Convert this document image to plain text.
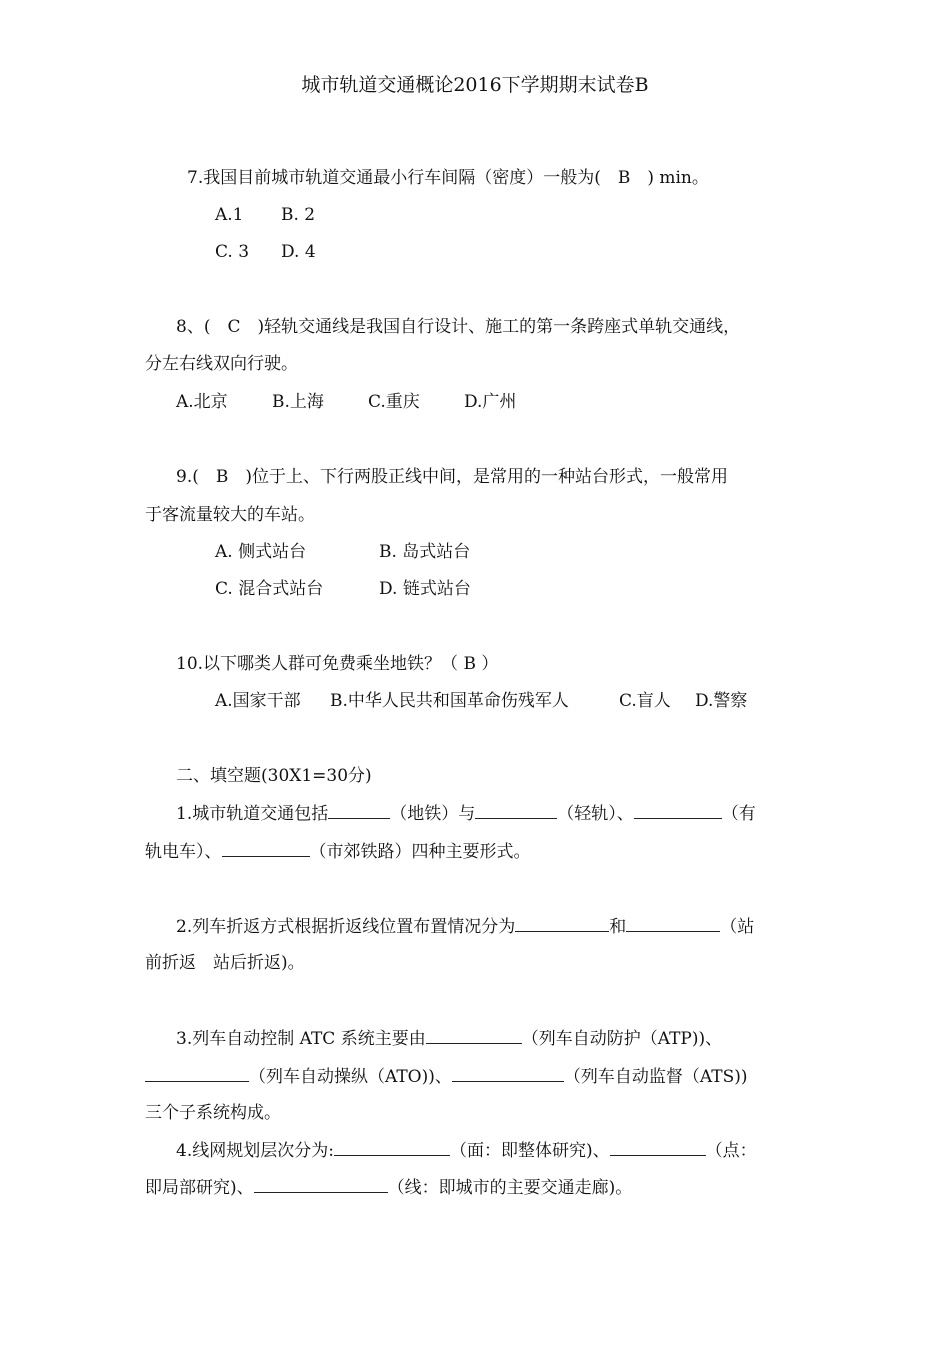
城市轨道交通概论2016下学期期末试卷B
7.我国目前城市轨道交通最小行车间隔（密度）一般为(　B　) min。
A.1 B. 2
C. 3 D. 4
8、(　C　)轻轨交通线是我国自行设计、施工的第一条跨座式单轨交通线，
分左右线双向行驶。
A.北京	B.上海	C.重庆	D.广州
9.(　B　)位于上、下行两股正线中间，是常用的一种站台形式，一般常用
于客流量较大的车站。
A. 侧式站台	B. 岛式站台
C. 混合式站台	D. 链式站台
10.以下哪类人群可免费乘坐地铁？（ B ）
A.国家干部 B.中华人民共和国革命伤残军人	C.盲人 D.警察
二、填空题(30X1=30分)
1.城市轨道交通包括	（地铁）与	（轻轨）、	（有
轨电车）、	（市郊铁路）四种主要形式。
2.列车折返方式根据折返线位置布置情况分为	和	（站
前折返　站后折返)。
3.列车自动控制 ATC 系统主要由	（列车自动防护（ATP))、
（列车自动操纵（ATO))、	（列车自动监督（ATS))
三个子系统构成。
4.线网规划层次分为:	（面：即整体研究)、	（点：
即局部研究)、	（线：即城市的主要交通走廊)。
